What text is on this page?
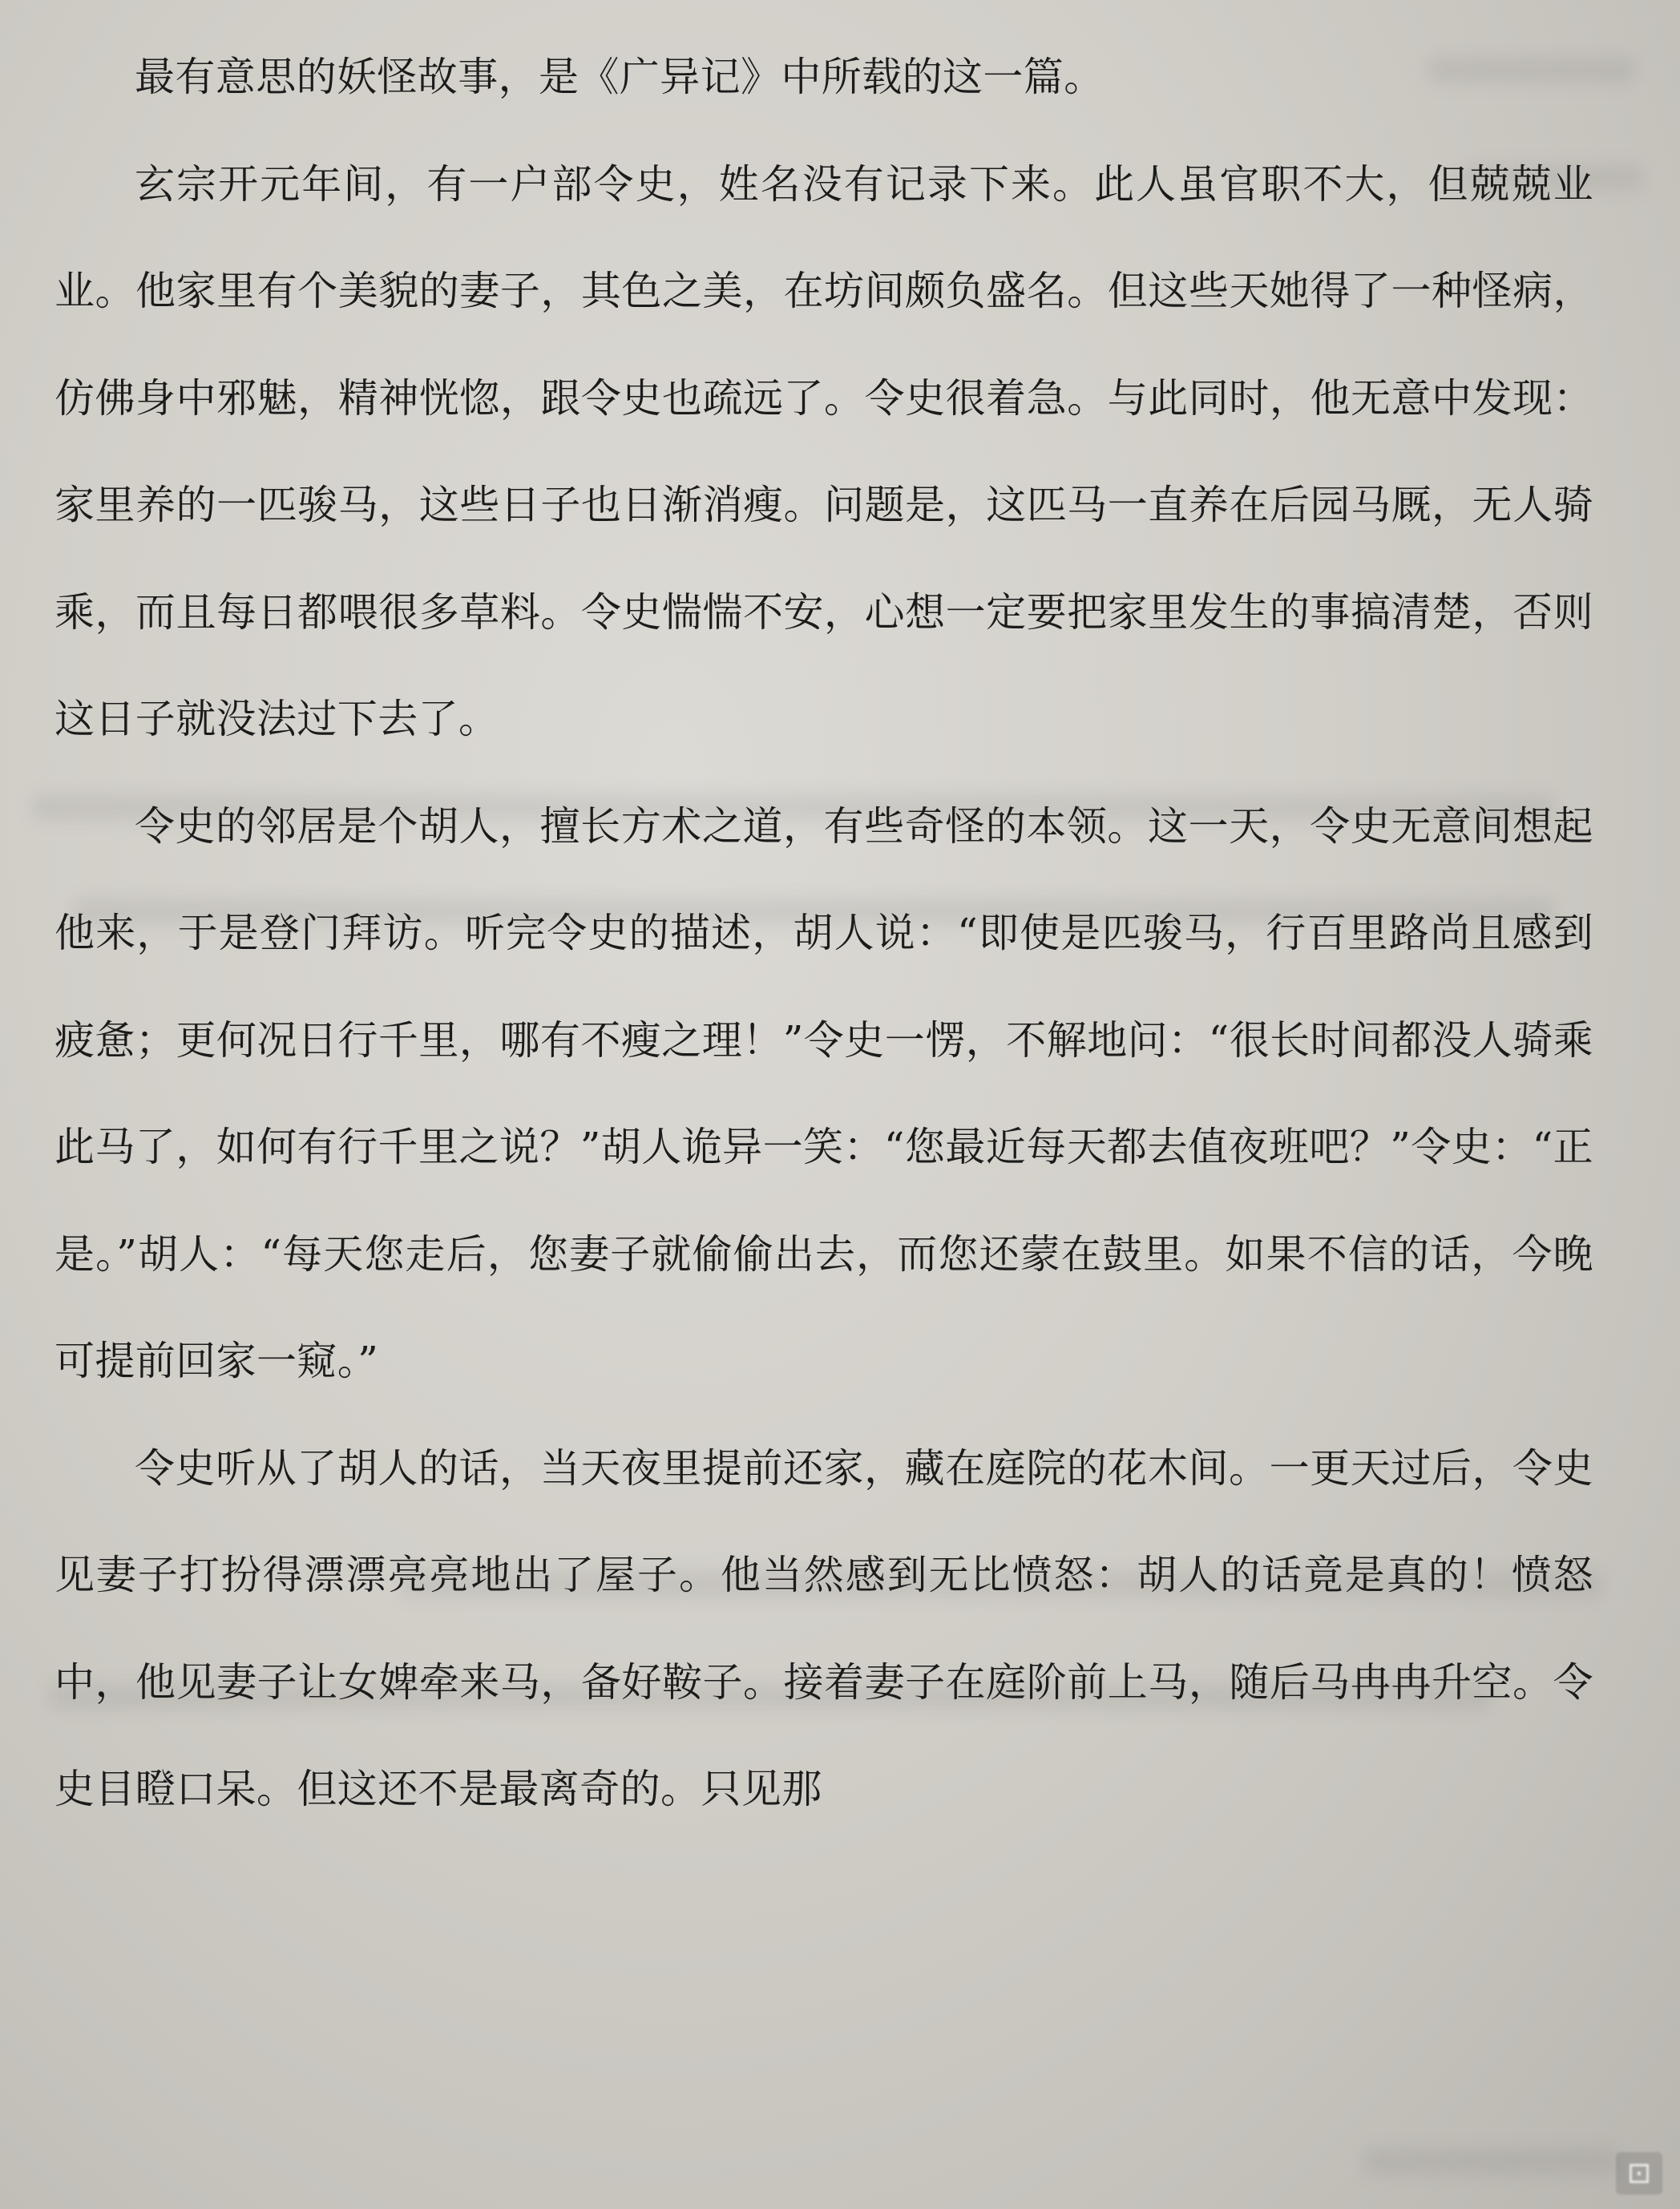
最有意思的妖怪故事，是《广异记》中所载的这一篇。

玄宗开元年间，有一户部令史，姓名没有记录下来。此人虽官职不大，但兢兢业业。他家里有个美貌的妻子，其色之美，在坊间颇负盛名。但这些天她得了一种怪病，仿佛身中邪魅，精神恍惚，跟令史也疏远了。令史很着急。与此同时，他无意中发现：家里养的一匹骏马，这些日子也日渐消瘦。问题是，这匹马一直养在后园马厩，无人骑乘，而且每日都喂很多草料。令史惴惴不安，心想一定要把家里发生的事搞清楚，否则这日子就没法过下去了。

令史的邻居是个胡人，擅长方术之道，有些奇怪的本领。这一天，令史无意间想起他来，于是登门拜访。听完令史的描述，胡人说：“即使是匹骏马，行百里路尚且感到疲惫；更何况日行千里，哪有不瘦之理！”令史一愣，不解地问：“很长时间都没人骑乘此马了，如何有行千里之说？”胡人诡异一笑：“您最近每天都去值夜班吧？”令史：“正是。”胡人：“每天您走后，您妻子就偷偷出去，而您还蒙在鼓里。如果不信的话，今晚可提前回家一窥。”

令史听从了胡人的话，当天夜里提前还家，藏在庭院的花木间。一更天过后，令史见妻子打扮得漂漂亮亮地出了屋子。他当然感到无比愤怒：胡人的话竟是真的！愤怒中，他见妻子让女婢牵来马，备好鞍子。接着妻子在庭阶前上马，随后马冉冉升空。令史目瞪口呆。但这还不是最离奇的。只见那

⊡
